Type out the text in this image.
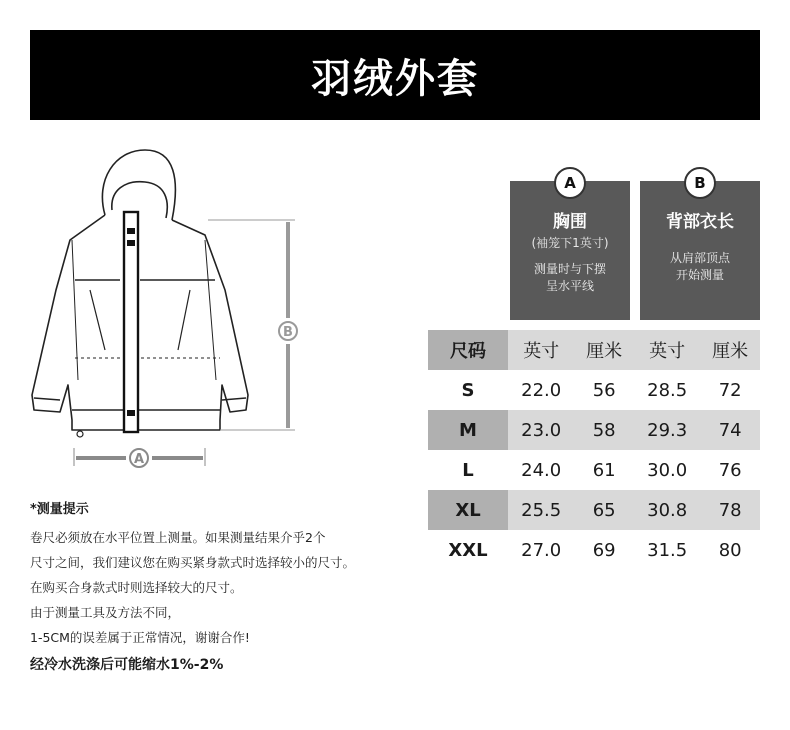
羽绒外套
B
A
A
胸围
(袖笼下1英寸)
测量时与下摆
呈水平线
B
背部衣长
从肩部顶点
开始测量
尺码	英寸	厘米	英寸	厘米
S	22.0	56	28.5	72
M	23.0	58	29.3	74
L	24.0	61	30.0	76
XL	25.5	65	30.8	78
XXL	27.0	69	31.5	80
*测量提示
卷尺必须放在水平位置上测量。如果测量结果介乎2个
尺寸之间，我们建议您在购买紧身款式时选择较小的尺寸。
在购买合身款式时则选择较大的尺寸。
由于测量工具及方法不同，
1-5CM的误差属于正常情况，谢谢合作!
经冷水洗涤后可能缩水1%-2%
